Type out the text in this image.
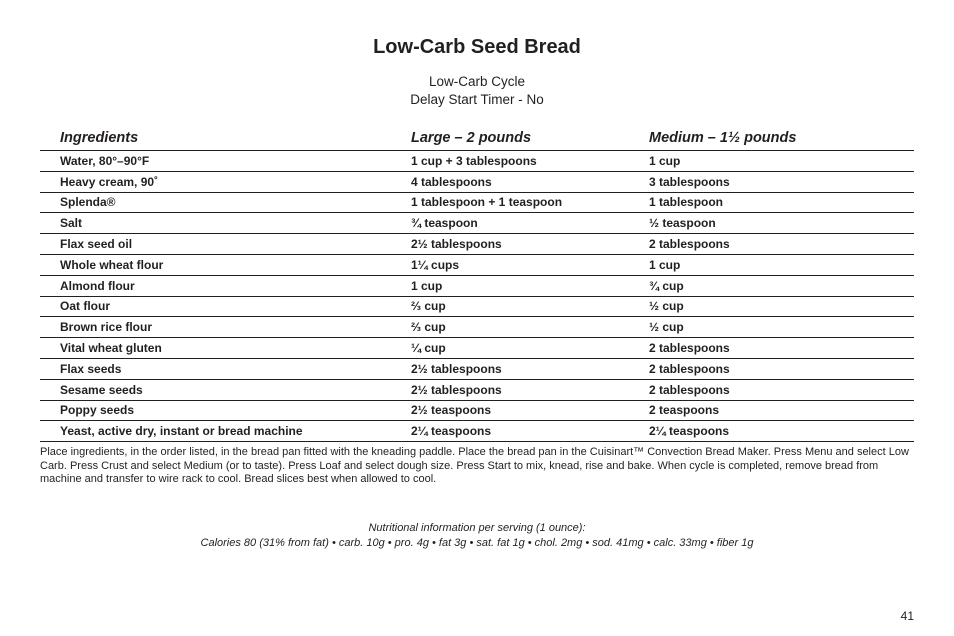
Low-Carb Seed Bread
Low-Carb Cycle
Delay Start Timer - No
Ingredients	Large – 2 pounds	Medium – 1½ pounds
Water, 80°–90°F	1 cup + 3 tablespoons	1 cup
Heavy cream, 90˚	4 tablespoons	3 tablespoons
Splenda®	1 tablespoon + 1 teaspoon	1 tablespoon
Salt	¾ teaspoon	½ teaspoon
Flax seed oil	2½ tablespoons	2 tablespoons
Whole wheat flour	1¼ cups	1 cup
Almond flour	1 cup	¾ cup
Oat flour	⅔ cup	½ cup
Brown rice flour	⅔ cup	½ cup
Vital wheat gluten	¼ cup	2 tablespoons
Flax seeds	2½ tablespoons	2 tablespoons
Sesame seeds	2½ tablespoons	2 tablespoons
Poppy seeds	2½ teaspoons	2 teaspoons
Yeast, active dry, instant or bread machine	2¼ teaspoons	2¼ teaspoons
Place ingredients, in the order listed, in the bread pan fitted with the kneading paddle. Place the bread pan in the Cuisinart™ Convection Bread Maker. Press Menu and select Low Carb. Press Crust and select Medium (or to taste). Press Loaf and select dough size. Press Start to mix, knead, rise and bake. When cycle is completed, remove bread from machine and transfer to wire rack to cool. Bread slices best when allowed to cool.
Nutritional information per serving (1 ounce):
Calories 80 (31% from fat) • carb. 10g • pro. 4g • fat 3g • sat. fat 1g • chol. 2mg • sod. 41mg • calc. 33mg • fiber 1g
41
